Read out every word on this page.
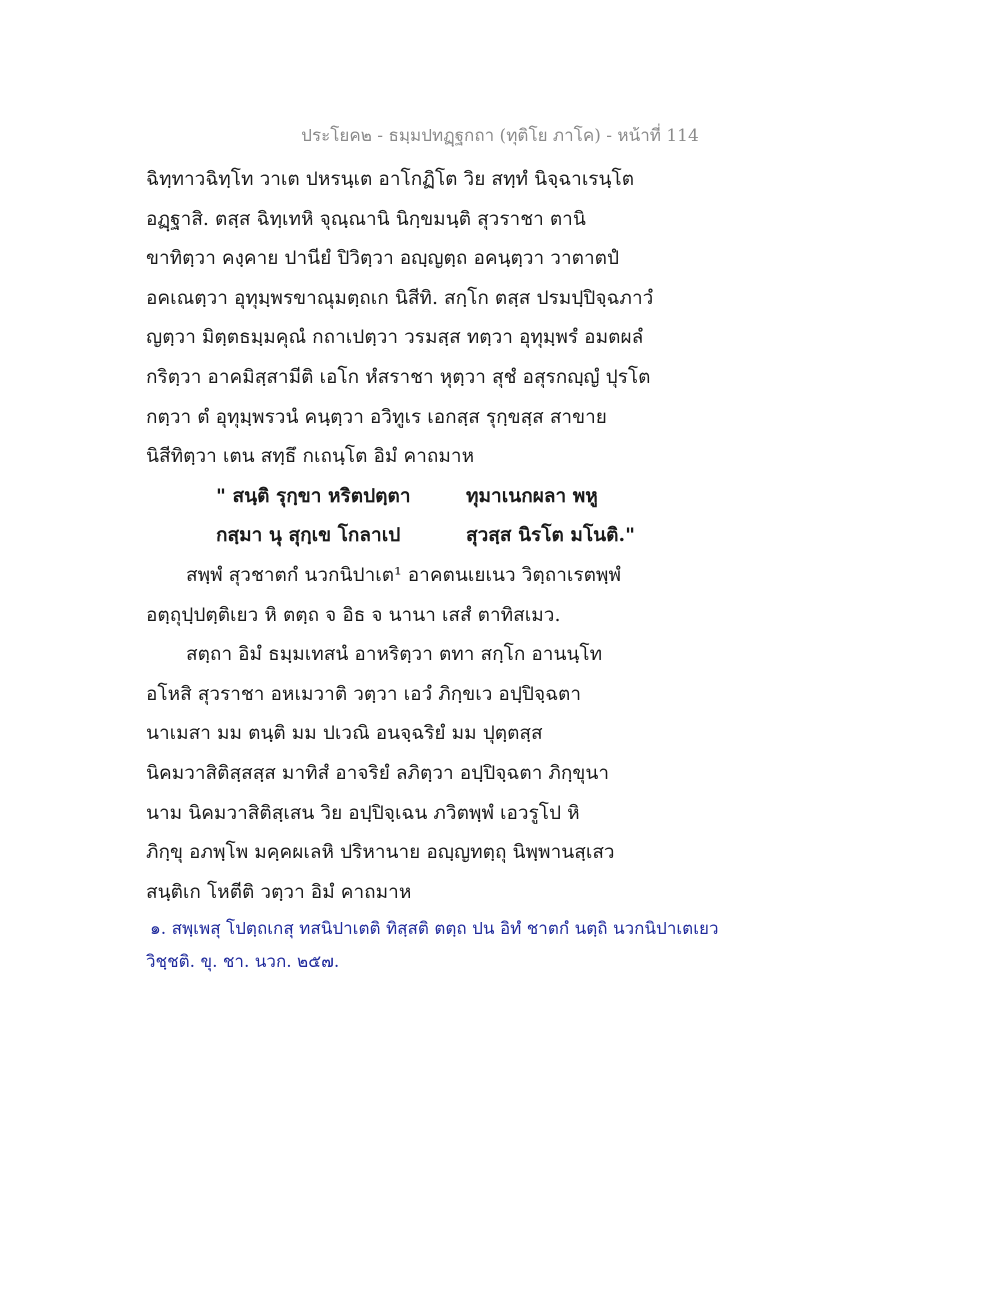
ประโยค๒ - ธมฺมปทฏฺฐกถา (ทุติโย ภาโค) - หน้าที่ 114
ฉิทฺทาวฉิทฺโท วาเต ปหรนฺเต อาโกฏิโต วิย สทฺทํ นิจฺฉาเรนฺโต
อฏฺฐาสิ. ตสฺส ฉิทฺเทหิ จุณฺณานิ นิกฺขมนฺติ สุวราชา ตานิ
ขาทิตฺวา คงฺคาย ปานียํ ปิวิตฺวา อญฺญตฺถ อคนฺตฺวา วาตาตปํ
อคเณตฺวา อุทุมฺพรขาณุมตฺถเก นิสีทิ. สกฺโก ตสฺส ปรมปฺปิจฺฉภาวํ
ญตฺวา มิตฺตธมฺมคุณํ กถาเปตฺวา วรมสฺส ทตฺวา อุทุมฺพรํ อมตผลํ
กริตฺวา อาคมิสฺสามีติ เอโก หํสราชา หุตฺวา สุชํ อสุรกญฺญํ ปุรโต
กตฺวา ตํ อุทุมฺพรวนํ คนฺตฺวา อวิทูเร เอกสฺส รุกฺขสฺส สาขาย
นิสีทิตฺวา เตน สทฺธึ กเถนฺโต อิมํ คาถมาห
" สนฺติ รุกฺขา หริตปตฺตา	ทุมาเนกผลา พหู
กสฺมา นุ สุกฺเข โกลาเป	สุวสฺส นิรโต มโนติ."
สพฺพํ สุวชาตกํ นวกนิปาเต¹ อาคตนเยเนว วิตฺถาเรตพฺพํ
อตฺถุปฺปตฺติเยว หิ ตตฺถ จ อิธ จ นานา เสสํ ตาทิสเมว.
สตฺถา อิมํ ธมฺมเทสนํ อาหริตฺวา ตทา สกฺโก อานนฺโท
อโหสิ สุวราชา อหเมวาติ วตฺวา เอวํ ภิกฺขเว อปฺปิจฺฉตา
นาเมสา มม ตนฺติ มม ปเวณิ อนจฺฉริยํ มม ปุตฺตสฺส
นิคมวาสิติสฺสสฺส มาทิสํ อาจริยํ ลภิตฺวา อปฺปิจฺฉตา ภิกฺขุนา
นาม นิคมวาสิติสฺเสน วิย อปฺปิจฺเฉน ภวิตพฺพํ เอวรูโป หิ
ภิกฺขุ อภพฺโพ มคฺคผเลหิ ปริหานาย อญฺญทตฺถุ นิพฺพานสฺเสว
สนฺติเก โหตีติ วตฺวา อิมํ คาถมาห
๑. สพฺเพสุ โปตฺถเกสุ ทสนิปาเตติ ทิสฺสติ ตตฺถ ปน อิทํ ชาตกํ นตฺถิ นวกนิปาเตเยว
วิชฺชติ. ขุ. ชา. นวก. ๒๕๗.
